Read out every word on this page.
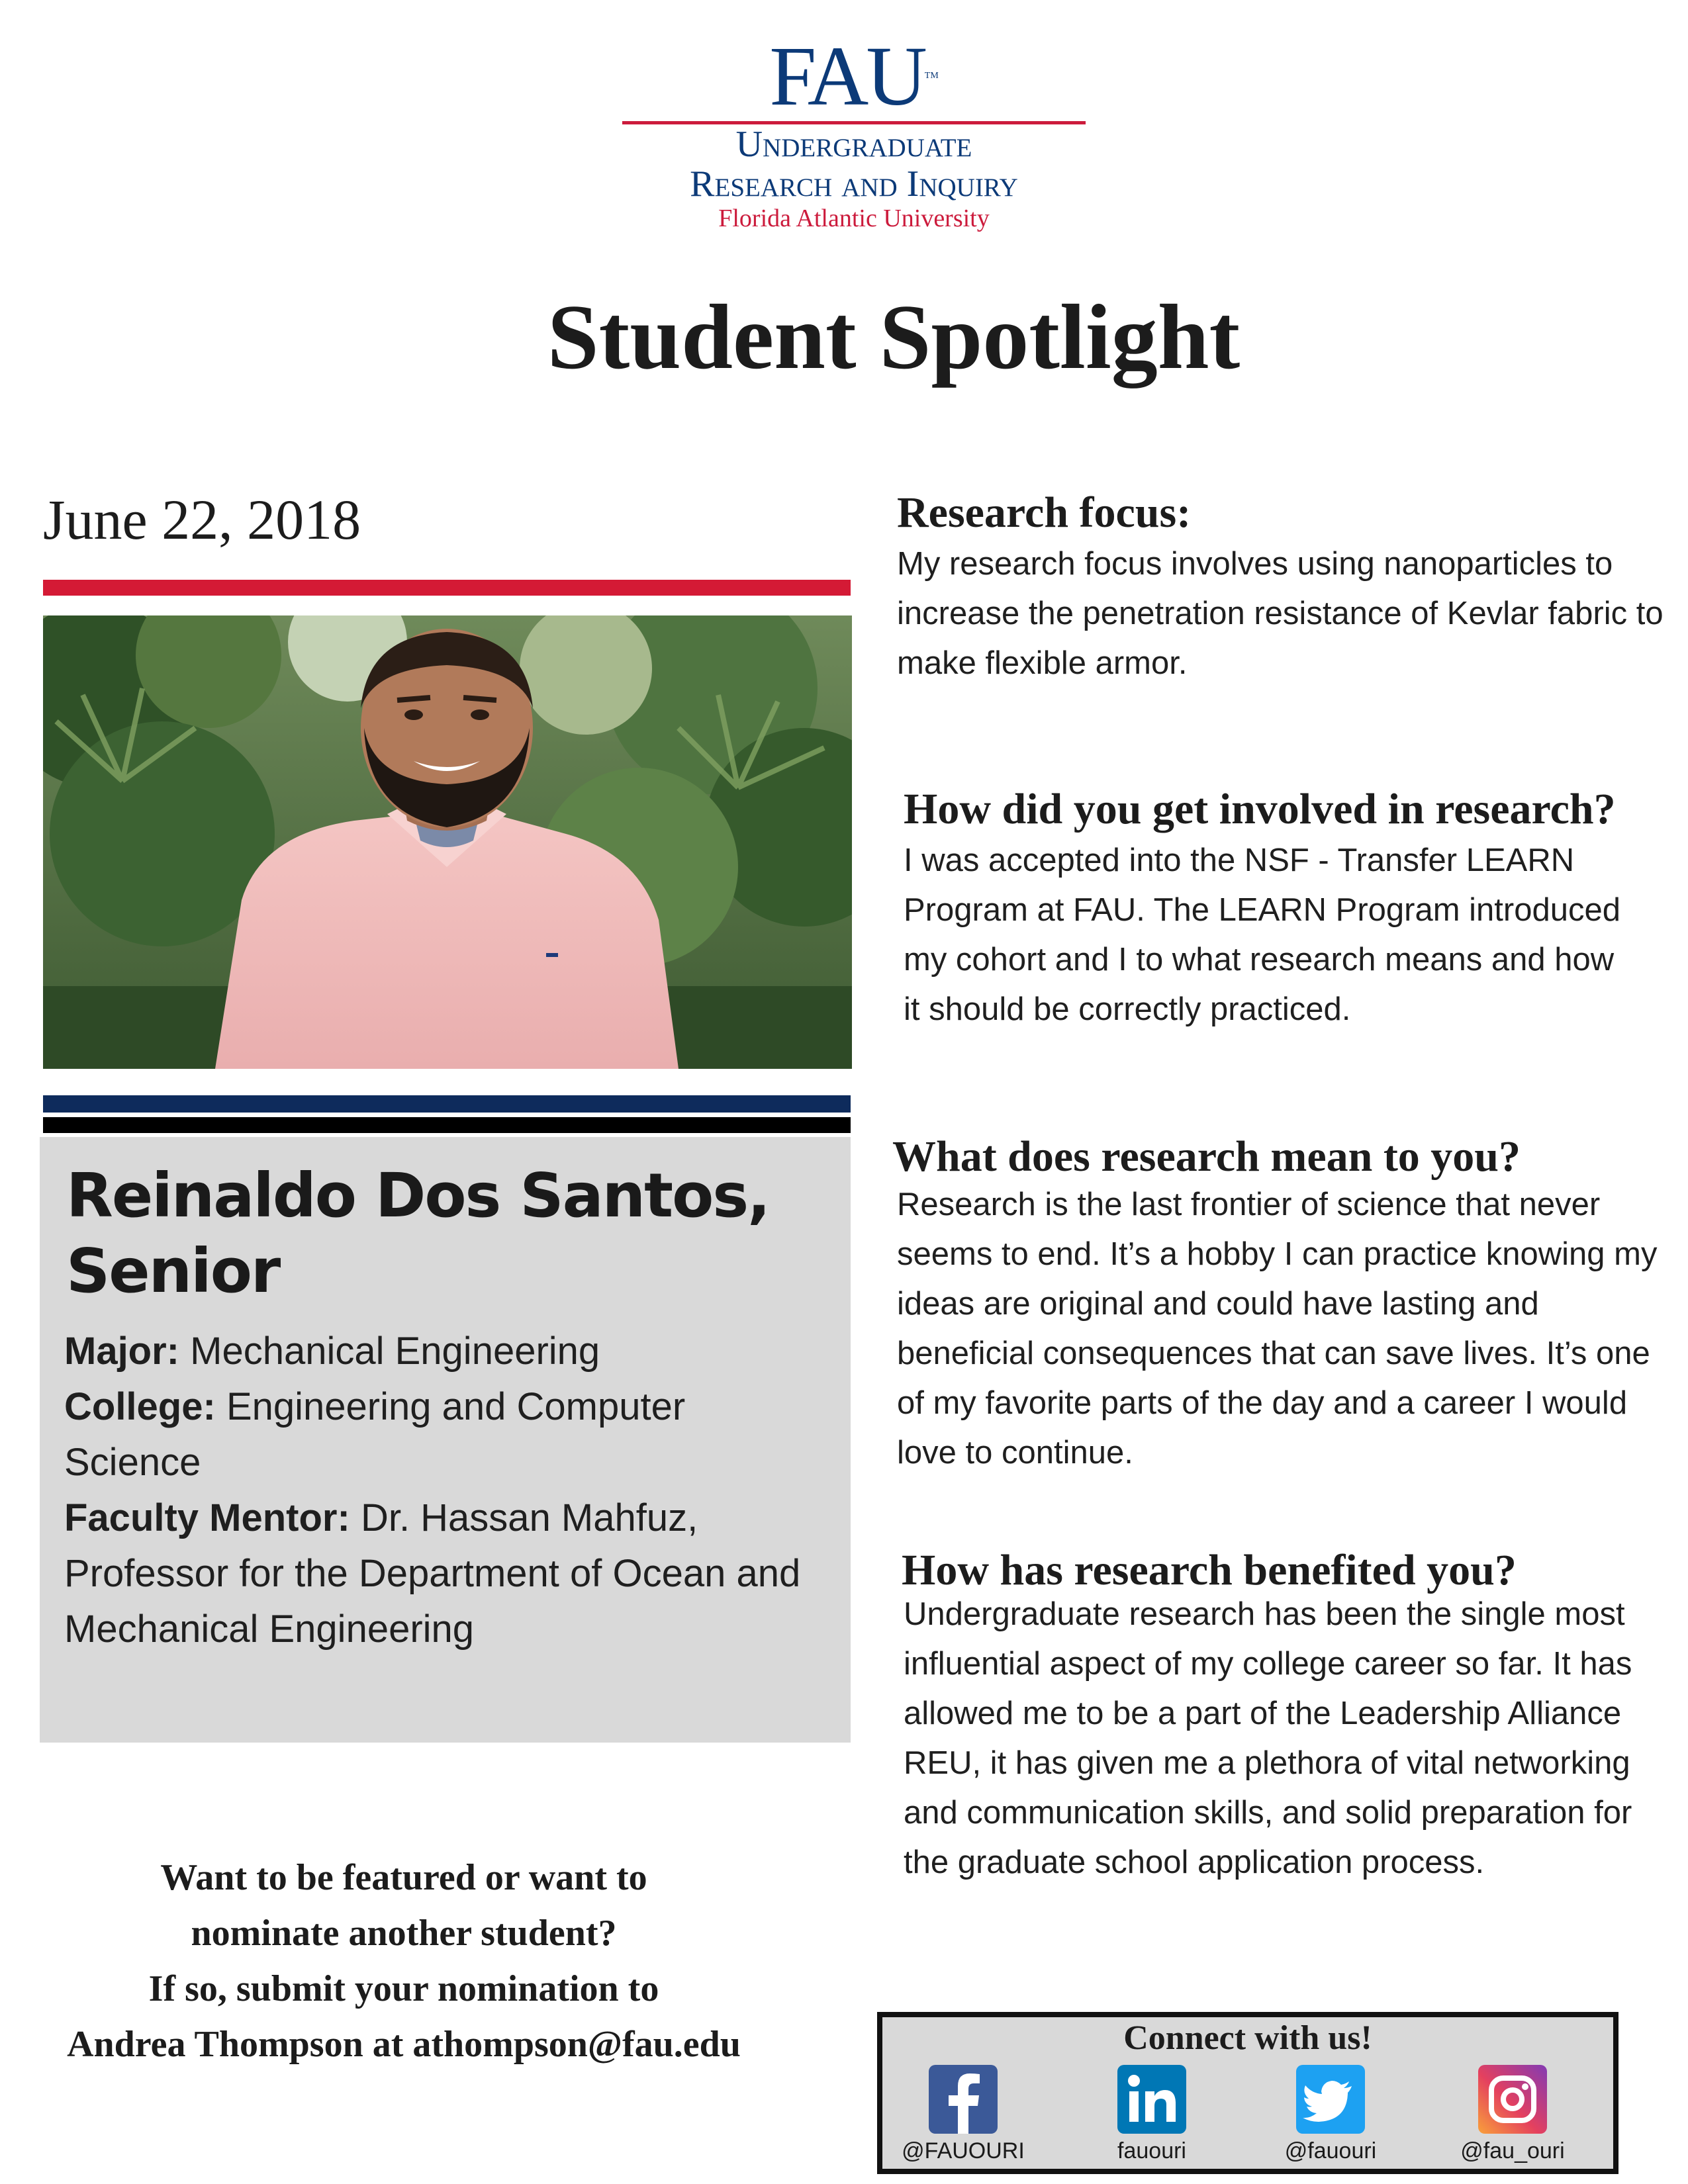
FAU™
Undergraduate
Research and Inquiry
Florida Atlantic University
Student Spotlight
June 22, 2018
Reinaldo Dos Santos,
Senior
Major: Mechanical Engineering
College: Engineering and Computer Science
Faculty Mentor: Dr. Hassan Mahfuz, Professor for the Department of Ocean and Mechanical Engineering
Research focus:
My research focus involves using nanoparticles to increase the penetration resistance of Kevlar fabric to make flexible armor.
How did you get involved in research?
I was accepted into the NSF - Transfer LEARN Program at FAU. The LEARN Program introduced my cohort and I to what research means and how it should be correctly practiced.
What does research mean to you?
Research is the last frontier of science that never seems to end. It’s a hobby I can practice knowing my ideas are original and could have lasting and beneficial consequences that can save lives. It’s one of my favorite parts of the day and a career I would love to continue.
How has research benefited you?
Undergraduate research has been the single most influential aspect of my college career so far. It has allowed me to be a part of the Leadership Alliance REU, it has given me a plethora of vital networking and communication skills, and solid preparation for the graduate school application process.
Want to be featured or want to
nominate another student?
If so, submit your nomination to
Andrea Thompson at athompson@fau.edu	Connect with us!
@FAUOURI	fauouri	@fauouri	@fau_ouri
